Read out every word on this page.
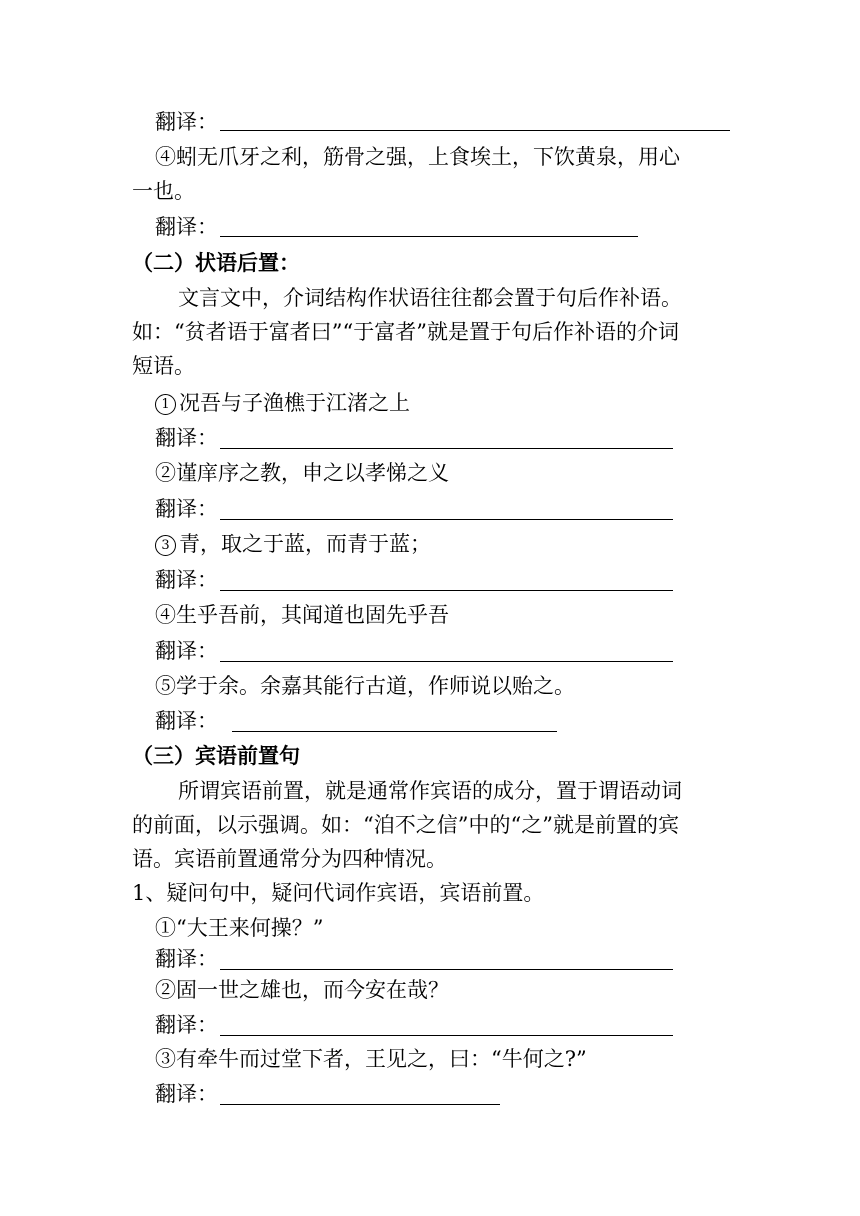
翻译：
④蚓无爪牙之利，筋骨之强，上食埃土，下饮黄泉，用心
一也。
翻译：
（二）状语后置：
文言文中，介词结构作状语往往都会置于句后作补语。
如：“贫者语于富者曰”“于富者”就是置于句后作补语的介词
短语。
1 况吾与子渔樵于江渚之上
翻译：
②谨庠序之教，申之以孝悌之义
翻译：
3 青，取之于蓝，而青于蓝；
翻译：
④生乎吾前，其闻道也固先乎吾
翻译：
⑤学于余。余嘉其能行古道，作师说以贻之。
翻译：
（三）宾语前置句
所谓宾语前置，就是通常作宾语的成分，置于谓语动词
的前面，以示强调。如：“洎不之信”中的“之”就是前置的宾
语。宾语前置通常分为四种情况。
1、疑问句中，疑问代词作宾语，宾语前置。
①“大王来何操？”
翻译：
②固一世之雄也，而今安在哉？
翻译：
③有牵牛而过堂下者，王见之，曰：“牛何之?”
翻译：
